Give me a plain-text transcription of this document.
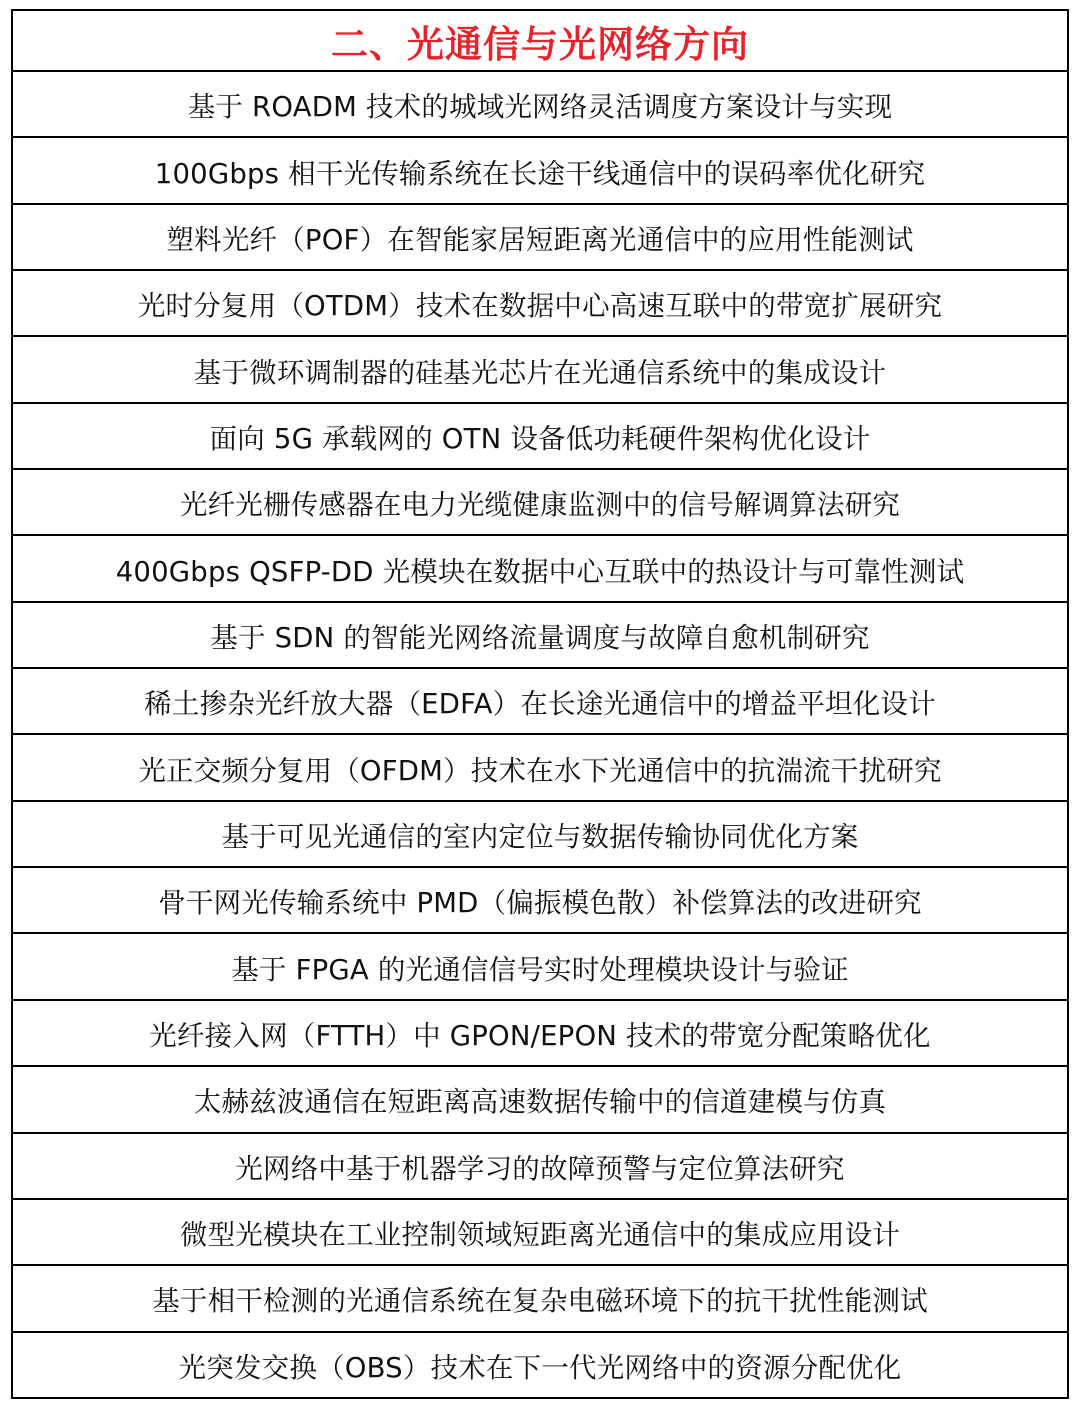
二、光通信与光网络方向
基于 ROADM 技术的城域光网络灵活调度方案设计与实现
100Gbps 相干光传输系统在长途干线通信中的误码率优化研究
塑料光纤（POF）在智能家居短距离光通信中的应用性能测试
光时分复用（OTDM）技术在数据中心高速互联中的带宽扩展研究
基于微环调制器的硅基光芯片在光通信系统中的集成设计
面向 5G 承载网的 OTN 设备低功耗硬件架构优化设计
光纤光栅传感器在电力光缆健康监测中的信号解调算法研究
400Gbps QSFP-DD 光模块在数据中心互联中的热设计与可靠性测试
基于 SDN 的智能光网络流量调度与故障自愈机制研究
稀土掺杂光纤放大器（EDFA）在长途光通信中的增益平坦化设计
光正交频分复用（OFDM）技术在水下光通信中的抗湍流干扰研究
基于可见光通信的室内定位与数据传输协同优化方案
骨干网光传输系统中 PMD（偏振模色散）补偿算法的改进研究
基于 FPGA 的光通信信号实时处理模块设计与验证
光纤接入网（FTTH）中 GPON/EPON 技术的带宽分配策略优化
太赫兹波通信在短距离高速数据传输中的信道建模与仿真
光网络中基于机器学习的故障预警与定位算法研究
微型光模块在工业控制领域短距离光通信中的集成应用设计
基于相干检测的光通信系统在复杂电磁环境下的抗干扰性能测试
光突发交换（OBS）技术在下一代光网络中的资源分配优化
